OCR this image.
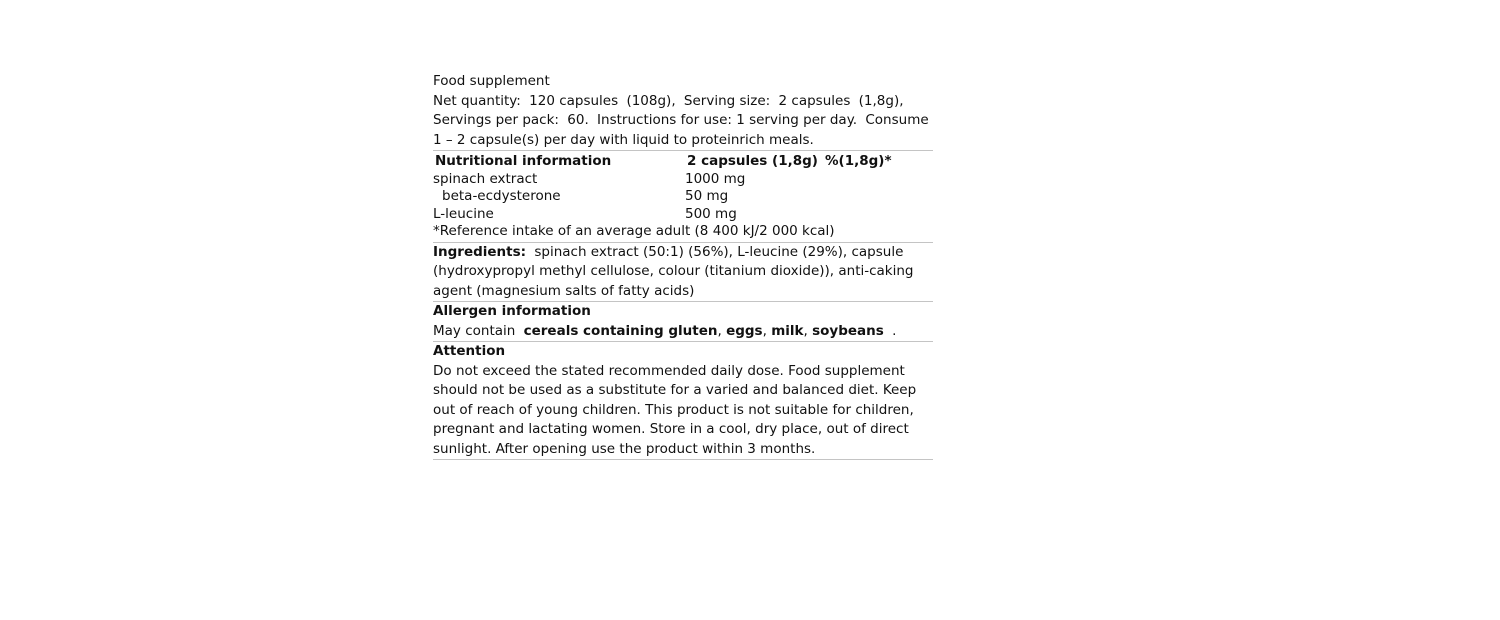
Food supplement

Net quantity: 120 capsules (108g), Serving size: 2 capsules (1,8g), Servings per pack: 60. Instructions for use: 1 serving per day. Consume 1 – 2 capsule(s) per day with liquid to proteinrich meals.

Nutritional information	2 capsules (1,8g)	%(1,8g)*
spinach extract	1000 mg	
beta-ecdysterone	50 mg	
L-leucine	500 mg	
*Reference intake of an average adult (8 400 kJ/2 000 kcal)

Ingredients: spinach extract (50:1) (56%), L-leucine (29%), capsule (hydroxypropyl methyl cellulose, colour (titanium dioxide)), anti-caking agent (magnesium salts of fatty acids)

Allergen information

May contain cereals containing gluten, eggs, milk, soybeans .

Attention

Do not exceed the stated recommended daily dose. Food supplement should not be used as a substitute for a varied and balanced diet. Keep out of reach of young children. This product is not suitable for children, pregnant and lactating women. Store in a cool, dry place, out of direct sunlight. After opening use the product within 3 months.
